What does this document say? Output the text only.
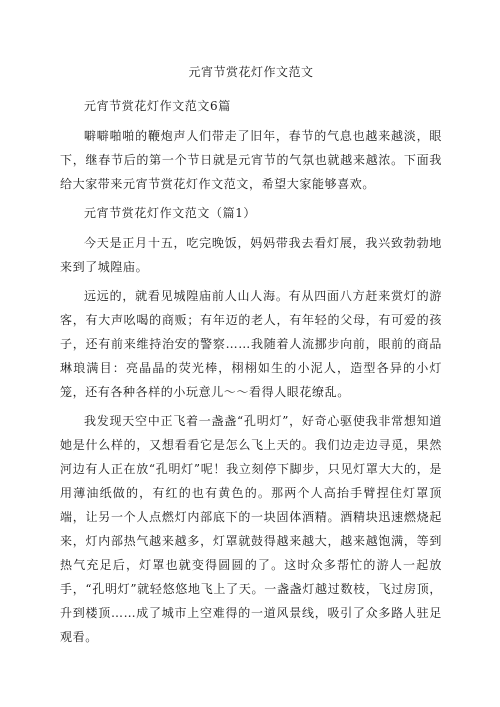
元宵节赏花灯作文范文
元宵节赏花灯作文范文6篇
噼噼啪啪的鞭炮声人们带走了旧年，春节的气息也越来越淡，眼下，继春节后的第一个节日就是元宵节的气氛也就越来越浓。下面我给大家带来元宵节赏花灯作文范文，希望大家能够喜欢。
元宵节赏花灯作文范文（篇1）
今天是正月十五，吃完晚饭，妈妈带我去看灯展，我兴致勃勃地来到了城隍庙。
远远的，就看见城隍庙前人山人海。有从四面八方赶来赏灯的游客，有大声吆喝的商贩；有年迈的老人，有年轻的父母，有可爱的孩子，还有前来维持治安的警察……我随着人流挪步向前，眼前的商品琳琅满目：亮晶晶的荧光棒，栩栩如生的小泥人，造型各异的小灯笼，还有各种各样的小玩意儿～～看得人眼花缭乱。
我发现天空中正飞着一盏盏“孔明灯”，好奇心驱使我非常想知道她是什么样的，又想看看它是怎么飞上天的。我们边走边寻觅，果然河边有人正在放“孔明灯”呢！我立刻停下脚步，只见灯罩大大的，是用薄油纸做的，有红的也有黄色的。那两个人高抬手臂捏住灯罩顶端，让另一个人点燃灯内部底下的一块固体酒精。酒精块迅速燃烧起来，灯内部热气越来越多，灯罩就鼓得越来越大，越来越饱满，等到热气充足后，灯罩也就变得圆圆的了。这时众多帮忙的游人一起放手，“孔明灯”就轻悠悠地飞上了天。一盏盏灯越过数枝，飞过房顶，升到楼顶……成了城市上空难得的一道风景线，吸引了众多路人驻足观看。
